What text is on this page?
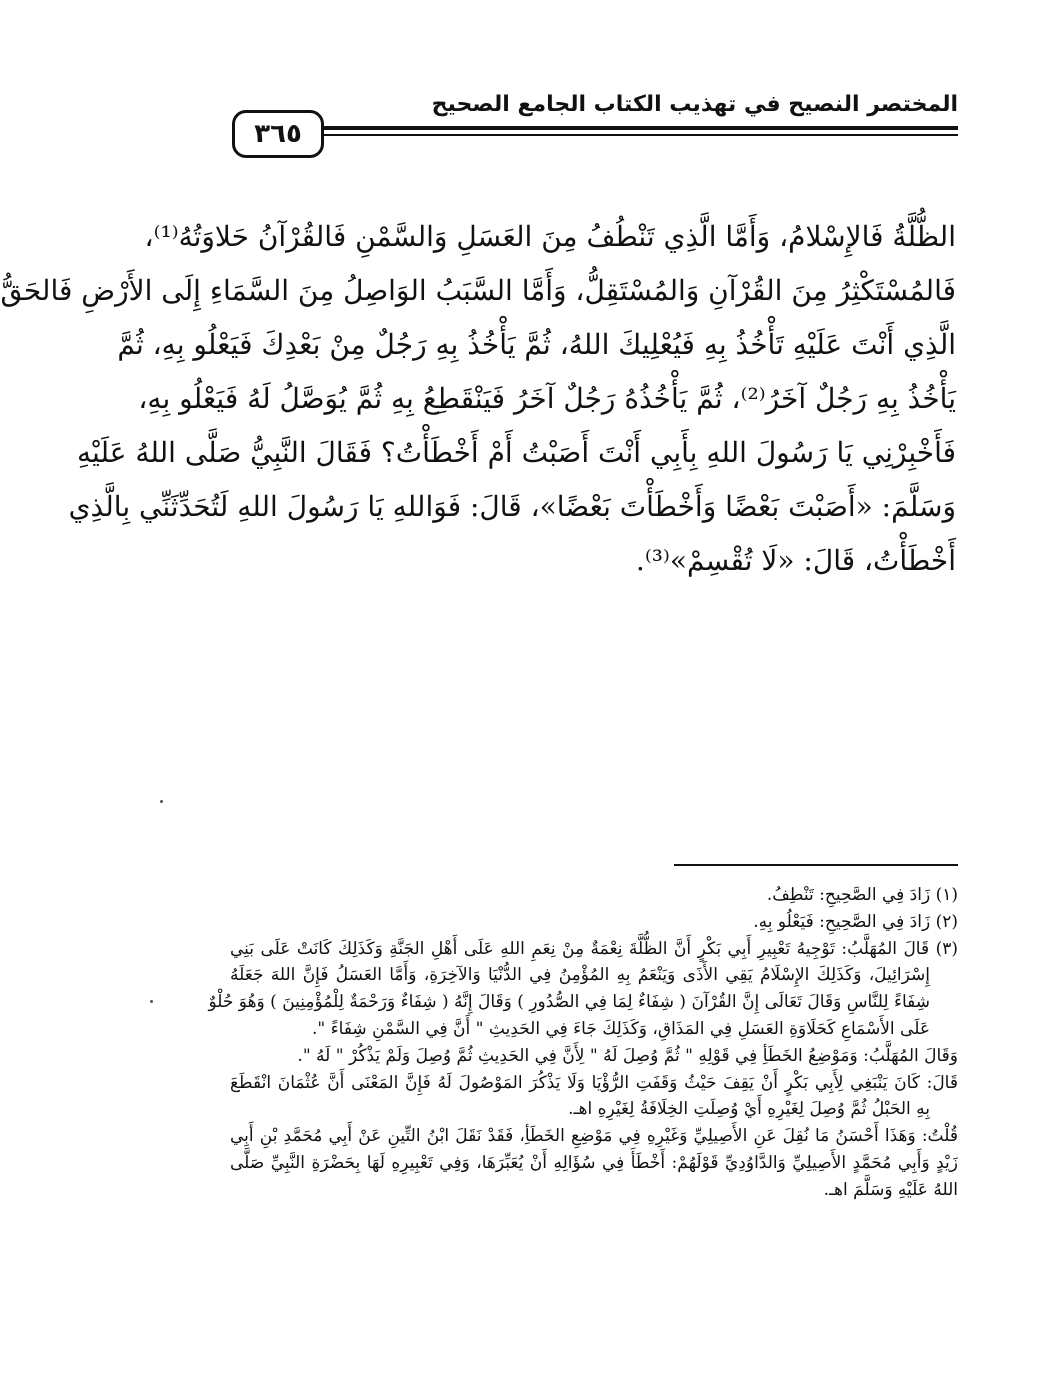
المختصر النصيح في تهذيب الكتاب الجامع الصحيح
٣٦٥
الظُّلَّةُ فَالإِسْلامُ، وَأَمَّا الَّذِي تَنْطُفُ مِنَ العَسَلِ وَالسَّمْنِ فَالقُرْآنُ حَلاوَتُهُ⁽¹⁾،
فَالمُسْتَكْثِرُ مِنَ القُرْآنِ وَالمُسْتَقِلُّ، وَأَمَّا السَّبَبُ الوَاصِلُ مِنَ السَّمَاءِ إِلَى الأَرْضِ فَالحَقُّ
الَّذِي أَنْتَ عَلَيْهِ تَأْخُذُ بِهِ فَيُعْلِيكَ اللهُ، ثُمَّ يَأْخُذُ بِهِ رَجُلٌ مِنْ بَعْدِكَ فَيَعْلُو بِهِ، ثُمَّ
يَأْخُذُ بِهِ رَجُلٌ آخَرُ⁽²⁾، ثُمَّ يَأْخُذُهُ رَجُلٌ آخَرُ فَيَنْقَطِعُ بِهِ ثُمَّ يُوَصَّلُ لَهُ فَيَعْلُو بِهِ،
فَأَخْبِرْنِي يَا رَسُولَ اللهِ بِأَبِي أَنْتَ أَصَبْتُ أَمْ أَخْطَأْتُ؟ فَقَالَ النَّبِيُّ صَلَّى اللهُ عَلَيْهِ
وَسَلَّمَ: «أَصَبْتَ بَعْضًا وَأَخْطَأْتَ بَعْضًا»، قَالَ: فَوَاللهِ يَا رَسُولَ اللهِ لَتُحَدِّثَنِّي بِالَّذِي
أَخْطَأْتُ، قَالَ: «لَا تُقْسِمْ»⁽³⁾.
(١) زَادَ فِي الصَّحِيحِ: تَنْطِفُ.
(٢) زَادَ فِي الصَّحِيحِ: فَيَعْلُو بِهِ.
(٣) قَالَ المُهَلَّبُ: تَوْجِيهُ تَعْبِيرِ أَبِي بَكْرٍ أَنَّ الظُّلَّةَ نِعْمَةٌ مِنْ نِعَمِ اللهِ عَلَى أَهْلِ الجَنَّةِ وَكَذَلِكَ كَانَتْ عَلَى بَنِي
إِسْرَائِيلَ، وَكَذَلِكَ الإِسْلَامُ يَقِي الأَذَى وَيَنْعَمُ بِهِ المُؤْمِنُ فِي الدُّنْيَا وَالآخِرَةِ، وَأَمَّا العَسَلُ فَإِنَّ اللهَ جَعَلَهُ
شِفَاءً لِلنَّاسِ وَقَالَ تَعَالَى إِنَّ القُرْآنَ ( شِفَاءٌ لِمَا فِي الصُّدُورِ ) وَقَالَ إِنَّهُ ( شِفَاءٌ وَرَحْمَةٌ لِلْمُؤْمِنِينَ ) وَهُوَ حُلْوٌ
عَلَى الأَسْمَاعِ كَحَلَاوَةِ العَسَلِ فِي المَذَاقِ، وَكَذَلِكَ جَاءَ فِي الحَدِيثِ " أَنَّ فِي السَّمْنِ شِفَاءً ".
وَقَالَ المُهَلَّبُ: وَمَوْضِعُ الخَطَأِ فِي قَوْلِهِ " ثُمَّ وُصِلَ لَهُ " لِأَنَّ فِي الحَدِيثِ ثُمَّ وُصِلَ وَلَمْ يَذْكُرْ " لَهُ ".
قَالَ: كَانَ يَنْبَغِي لِأَبِي بَكْرٍ أَنْ يَقِفَ حَيْثُ وَقَفَتِ الرُّؤْيَا وَلَا يَذْكُرَ المَوْصُولَ لَهُ فَإِنَّ المَعْنَى أَنَّ عُثْمَانَ انْقَطَعَ
بِهِ الحَبْلُ ثُمَّ وُصِلَ لِغَيْرِهِ أَيْ وُصِلَتِ الخِلَافَةُ لِغَيْرِهِ اهـ.
قُلْتُ: وَهَذَا أَحْسَنُ مَا نُقِلَ عَنِ الأَصِيلِيِّ وَغَيْرِهِ فِي مَوْضِعِ الخَطَأِ، فَقَدْ نَقَلَ ابْنُ التِّينِ عَنْ أَبِي مُحَمَّدِ بْنِ أَبِي
زَيْدٍ وَأَبِي مُحَمَّدٍ الأَصِيلِيِّ وَالدَّاوُدِيِّ قَوْلَهُمْ: أَخْطَأَ فِي سُؤَالِهِ أَنْ يُعَبِّرَهَا، وَفِي تَعْبِيرِهِ لَهَا بِحَضْرَةِ النَّبِيِّ صَلَّى
اللهُ عَلَيْهِ وَسَلَّمَ اهـ.
